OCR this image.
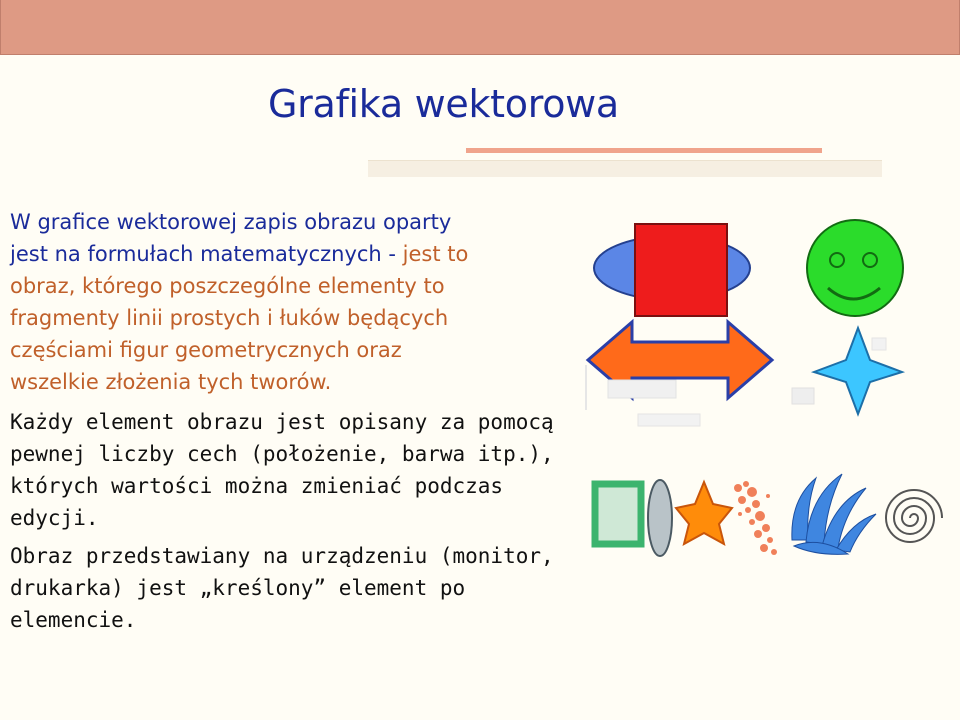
Grafika wektorowa
W grafice wektorowej zapis obrazu oparty
jest na formułach matematycznych - jest to
obraz, którego poszczególne elementy to
fragmenty linii prostych i łuków będących
częściami figur geometrycznych oraz
wszelkie złożenia tych tworów.
Każdy element obrazu jest opisany za pomocą
pewnej liczby cech (położenie, barwa itp.),
których wartości można zmieniać podczas
edycji.
Obraz przedstawiany na urządzeniu (monitor,
drukarka) jest „kreślony” element po
elemencie.
